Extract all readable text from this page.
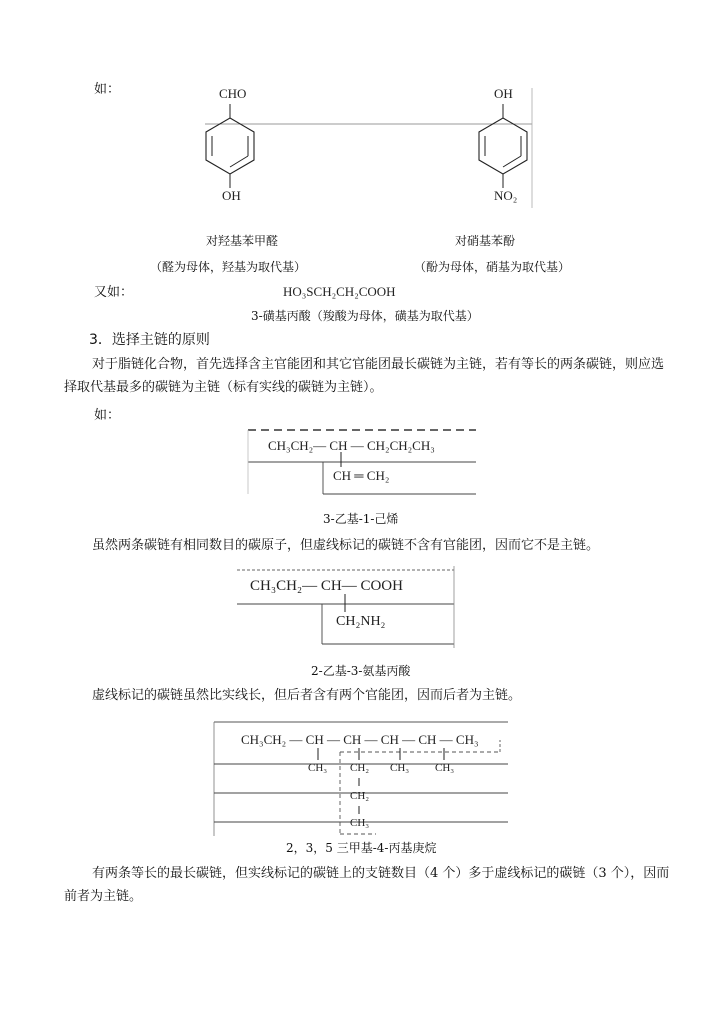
如：	CHO
OH
OH
NO₂
对羟基苯甲醛	对硝基苯酚
（醛为母体，羟基为取代基）	（酚为母体，硝基为取代基）
又如：	HO₃SCH₂CH₂COOH
3-磺基丙酸（羧酸为母体，磺基为取代基）
3．选择主链的原则
对于脂链化合物，首先选择含主官能团和其它官能团最长碳链为主链，若有等长的两条碳链，则应选择取代基最多的碳链为主链（标有实线的碳链为主链）。
如：
CH₃CH₂— CH — CH₂CH₂CH₃
CH ═ CH₂
3-乙基-1-己烯
虽然两条碳链有相同数目的碳原子，但虚线标记的碳链不含有官能团，因而它不是主链。
CH₃CH₂— CH— COOH
CH₂NH₂
2-乙基-3-氨基丙酸
虚线标记的碳链虽然比实线长，但后者含有两个官能团，因而后者为主链。
CH₃CH₂ — CH — CH — CH — CH — CH₃
CH₃ CH₂ CH₃ CH₃
CH₂
CH₃
2，3，5 三甲基-4-丙基庚烷
有两条等长的最长碳链，但实线标记的碳链上的支链数目（4 个）多于虚线标记的碳链（3 个），因而前者为主链。
